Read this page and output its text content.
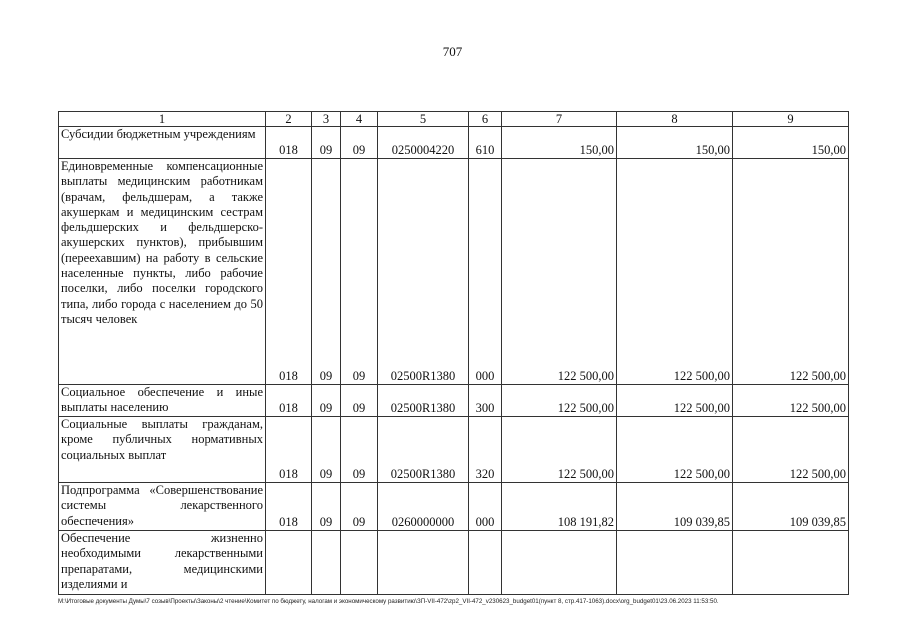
707
1	2	3	4	5	6	7	8	9
Субсидии бюджетным учреждениям	018	09	09	0250004220	610	150,00	150,00	150,00
Единовременные компенсационные выплаты медицинским работникам (врачам, фельдшерам, а также акушеркам и медицинским сестрам фельдшерских и фельдшерско-акушерских пунктов), прибывшим (переехавшим) на работу в сельские населенные пункты, либо рабочие поселки, либо поселки городского типа, либо города с населением до 50 тысяч человек	018	09	09	02500R1380	000	122 500,00	122 500,00	122 500,00
Социальное обеспечение и иные выплаты населению	018	09	09	02500R1380	300	122 500,00	122 500,00	122 500,00
Социальные выплаты гражданам, кроме публичных нормативных социальных выплат	018	09	09	02500R1380	320	122 500,00	122 500,00	122 500,00
Подпрограмма «Совершенствование системы лекарственного обеспечения»	018	09	09	0260000000	000	108 191,82	109 039,85	109 039,85
Обеспечение жизненно необходимыми лекарственными препаратами, медицинскими изделиями и								
M:\Итоговые документы Думы\7 созыв\Проекты\Законы\2 чтение\Комитет по бюджету, налогам и экономическому развитию\ЗП-VII-472\zp2_VII-472_v230623_budget01(пункт 8, стр.417-1063).docx\org_budget01\23.06.2023 11:53:50.
